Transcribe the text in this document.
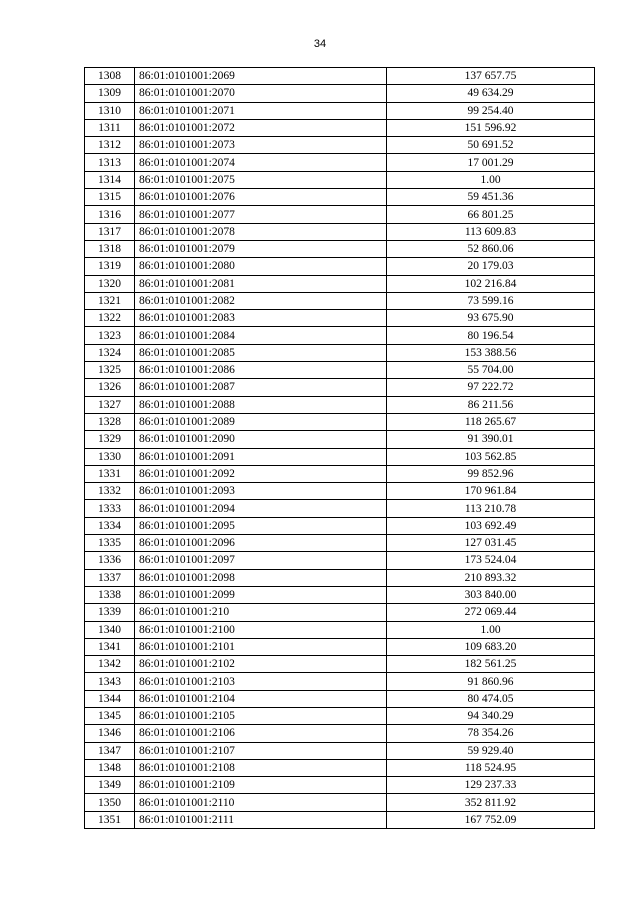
34
1308	86:01:0101001:2069	137 657.75
1309	86:01:0101001:2070	49 634.29
1310	86:01:0101001:2071	99 254.40
1311	86:01:0101001:2072	151 596.92
1312	86:01:0101001:2073	50 691.52
1313	86:01:0101001:2074	17 001.29
1314	86:01:0101001:2075	1.00
1315	86:01:0101001:2076	59 451.36
1316	86:01:0101001:2077	66 801.25
1317	86:01:0101001:2078	113 609.83
1318	86:01:0101001:2079	52 860.06
1319	86:01:0101001:2080	20 179.03
1320	86:01:0101001:2081	102 216.84
1321	86:01:0101001:2082	73 599.16
1322	86:01:0101001:2083	93 675.90
1323	86:01:0101001:2084	80 196.54
1324	86:01:0101001:2085	153 388.56
1325	86:01:0101001:2086	55 704.00
1326	86:01:0101001:2087	97 222.72
1327	86:01:0101001:2088	86 211.56
1328	86:01:0101001:2089	118 265.67
1329	86:01:0101001:2090	91 390.01
1330	86:01:0101001:2091	103 562.85
1331	86:01:0101001:2092	99 852.96
1332	86:01:0101001:2093	170 961.84
1333	86:01:0101001:2094	113 210.78
1334	86:01:0101001:2095	103 692.49
1335	86:01:0101001:2096	127 031.45
1336	86:01:0101001:2097	173 524.04
1337	86:01:0101001:2098	210 893.32
1338	86:01:0101001:2099	303 840.00
1339	86:01:0101001:210	272 069.44
1340	86:01:0101001:2100	1.00
1341	86:01:0101001:2101	109 683.20
1342	86:01:0101001:2102	182 561.25
1343	86:01:0101001:2103	91 860.96
1344	86:01:0101001:2104	80 474.05
1345	86:01:0101001:2105	94 340.29
1346	86:01:0101001:2106	78 354.26
1347	86:01:0101001:2107	59 929.40
1348	86:01:0101001:2108	118 524.95
1349	86:01:0101001:2109	129 237.33
1350	86:01:0101001:2110	352 811.92
1351	86:01:0101001:2111	167 752.09
